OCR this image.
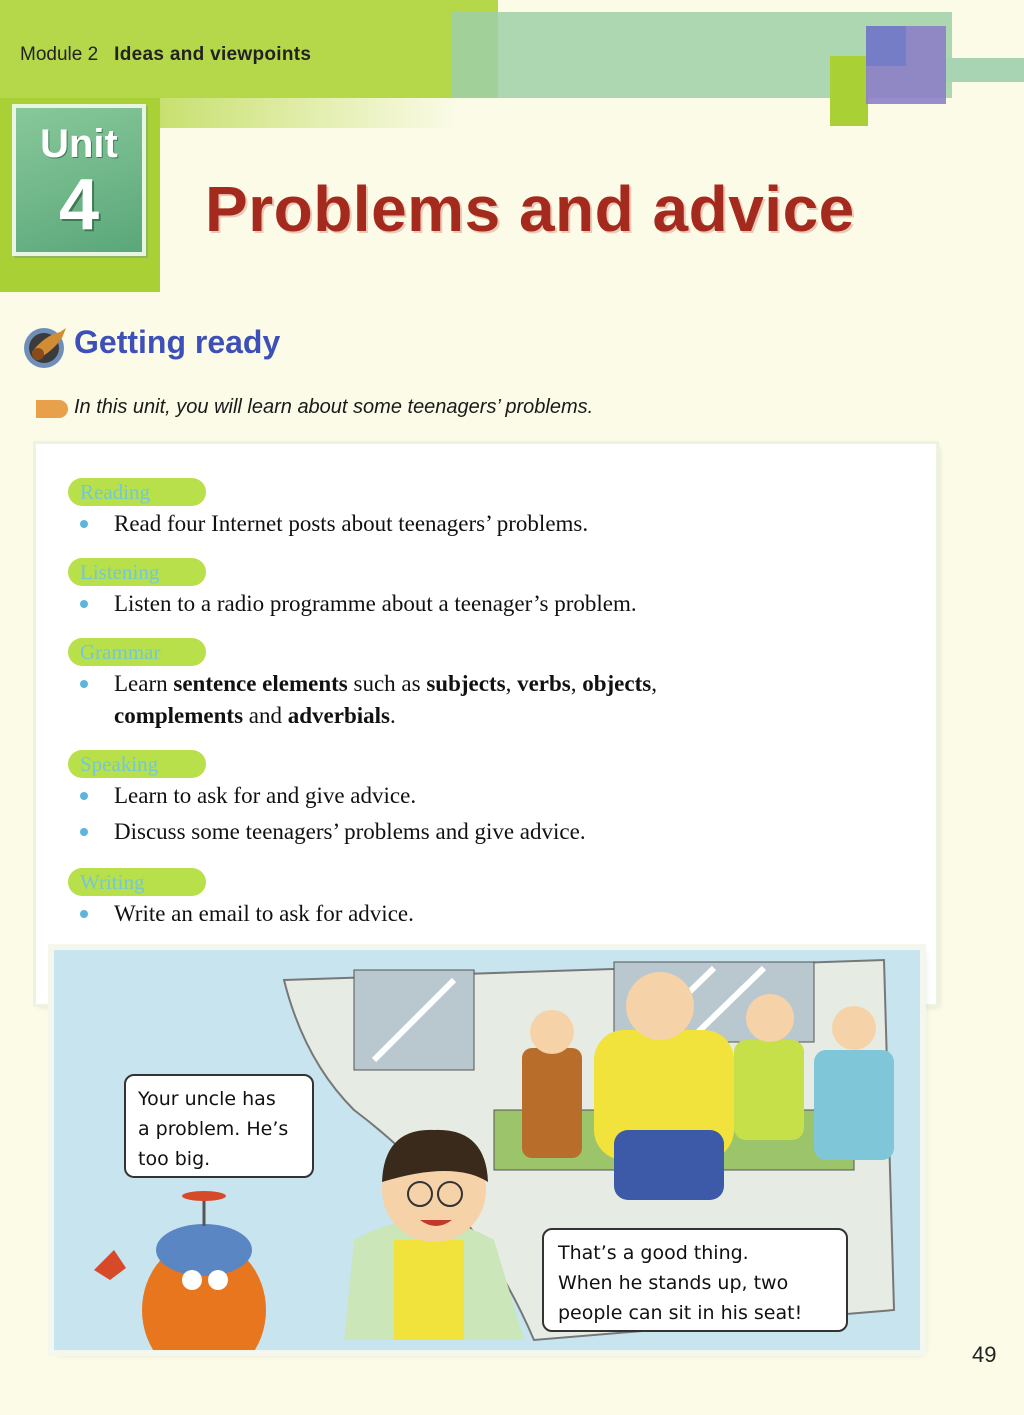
Module 2 Ideas and viewpoints
Unit
4	Problems and advice
Getting ready
In this unit, you will learn about some teenagers’ problems.
Reading
Read four Internet posts about teenagers’ problems.
Listening
Listen to a radio programme about a teenager’s problem.
Grammar
Learn sentence elements such as subjects, verbs, objects,
complements and adverbials.
Speaking
Learn to ask for and give advice.
Discuss some teenagers’ problems and give advice.
Writing
Write an email to ask for advice.
Your uncle has
a problem. He’s
too big.
That’s a good thing.
When he stands up, two
people can sit in his seat!
49
